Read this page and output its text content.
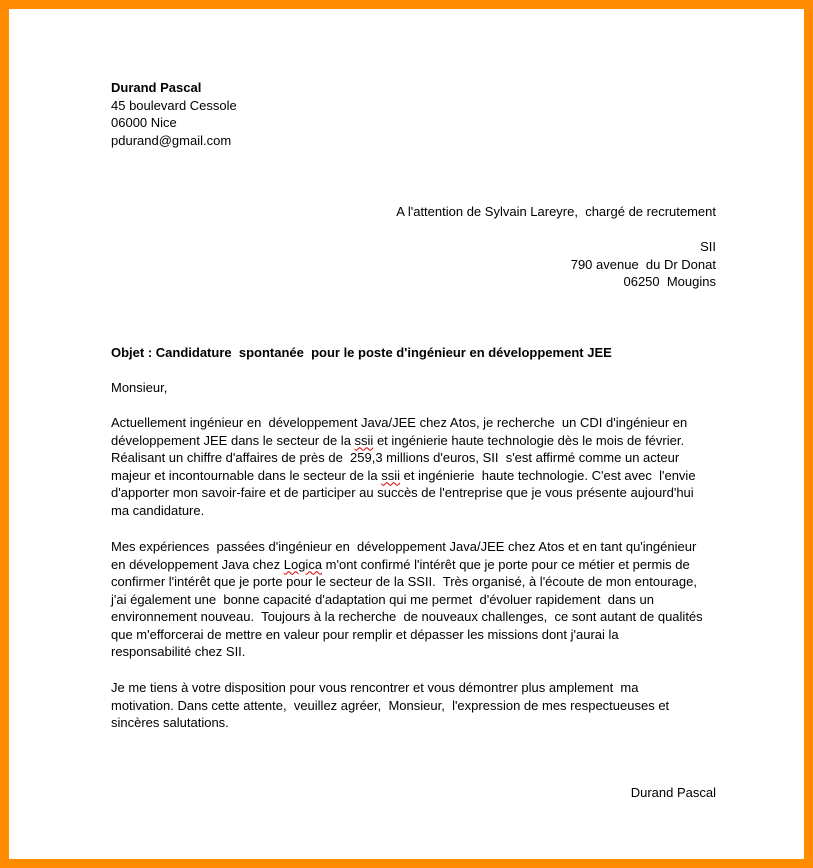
Durand Pascal
45 boulevard Cessole
06000 Nice
pdurand@gmail.com
A l'attention de Sylvain Lareyre,  chargé de recrutement
SII
790 avenue  du Dr Donat
06250  Mougins
Objet : Candidature  spontanée  pour le poste d'ingénieur en développement JEE
Monsieur,
Actuellement ingénieur en  développement Java/JEE chez Atos, je recherche  un CDI d'ingénieur en
développement JEE dans le secteur de la ssii et ingénierie haute technologie dès le mois de février.
Réalisant un chiffre d'affaires de près de  259,3 millions d'euros, SII  s'est affirmé comme un acteur
majeur et incontournable dans le secteur de la ssii et ingénierie  haute technologie. C'est avec  l'envie
d'apporter mon savoir-faire et de participer au succès de l'entreprise que je vous présente aujourd'hui
ma candidature.
Mes expériences  passées d'ingénieur en  développement Java/JEE chez Atos et en tant qu'ingénieur
en développement Java chez Logica m'ont confirmé l'intérêt que je porte pour ce métier et permis de
confirmer l'intérêt que je porte pour le secteur de la SSII.  Très organisé, à l'écoute de mon entourage,
j'ai également une  bonne capacité d'adaptation qui me permet  d'évoluer rapidement  dans un
environnement nouveau.  Toujours à la recherche  de nouveaux challenges,  ce sont autant de qualités
que m'efforcerai de mettre en valeur pour remplir et dépasser les missions dont j'aurai la
responsabilité chez SII.
Je me tiens à votre disposition pour vous rencontrer et vous démontrer plus amplement  ma
motivation. Dans cette attente,  veuillez agréer,  Monsieur,  l'expression de mes respectueuses et
sincères salutations.
Durand Pascal
